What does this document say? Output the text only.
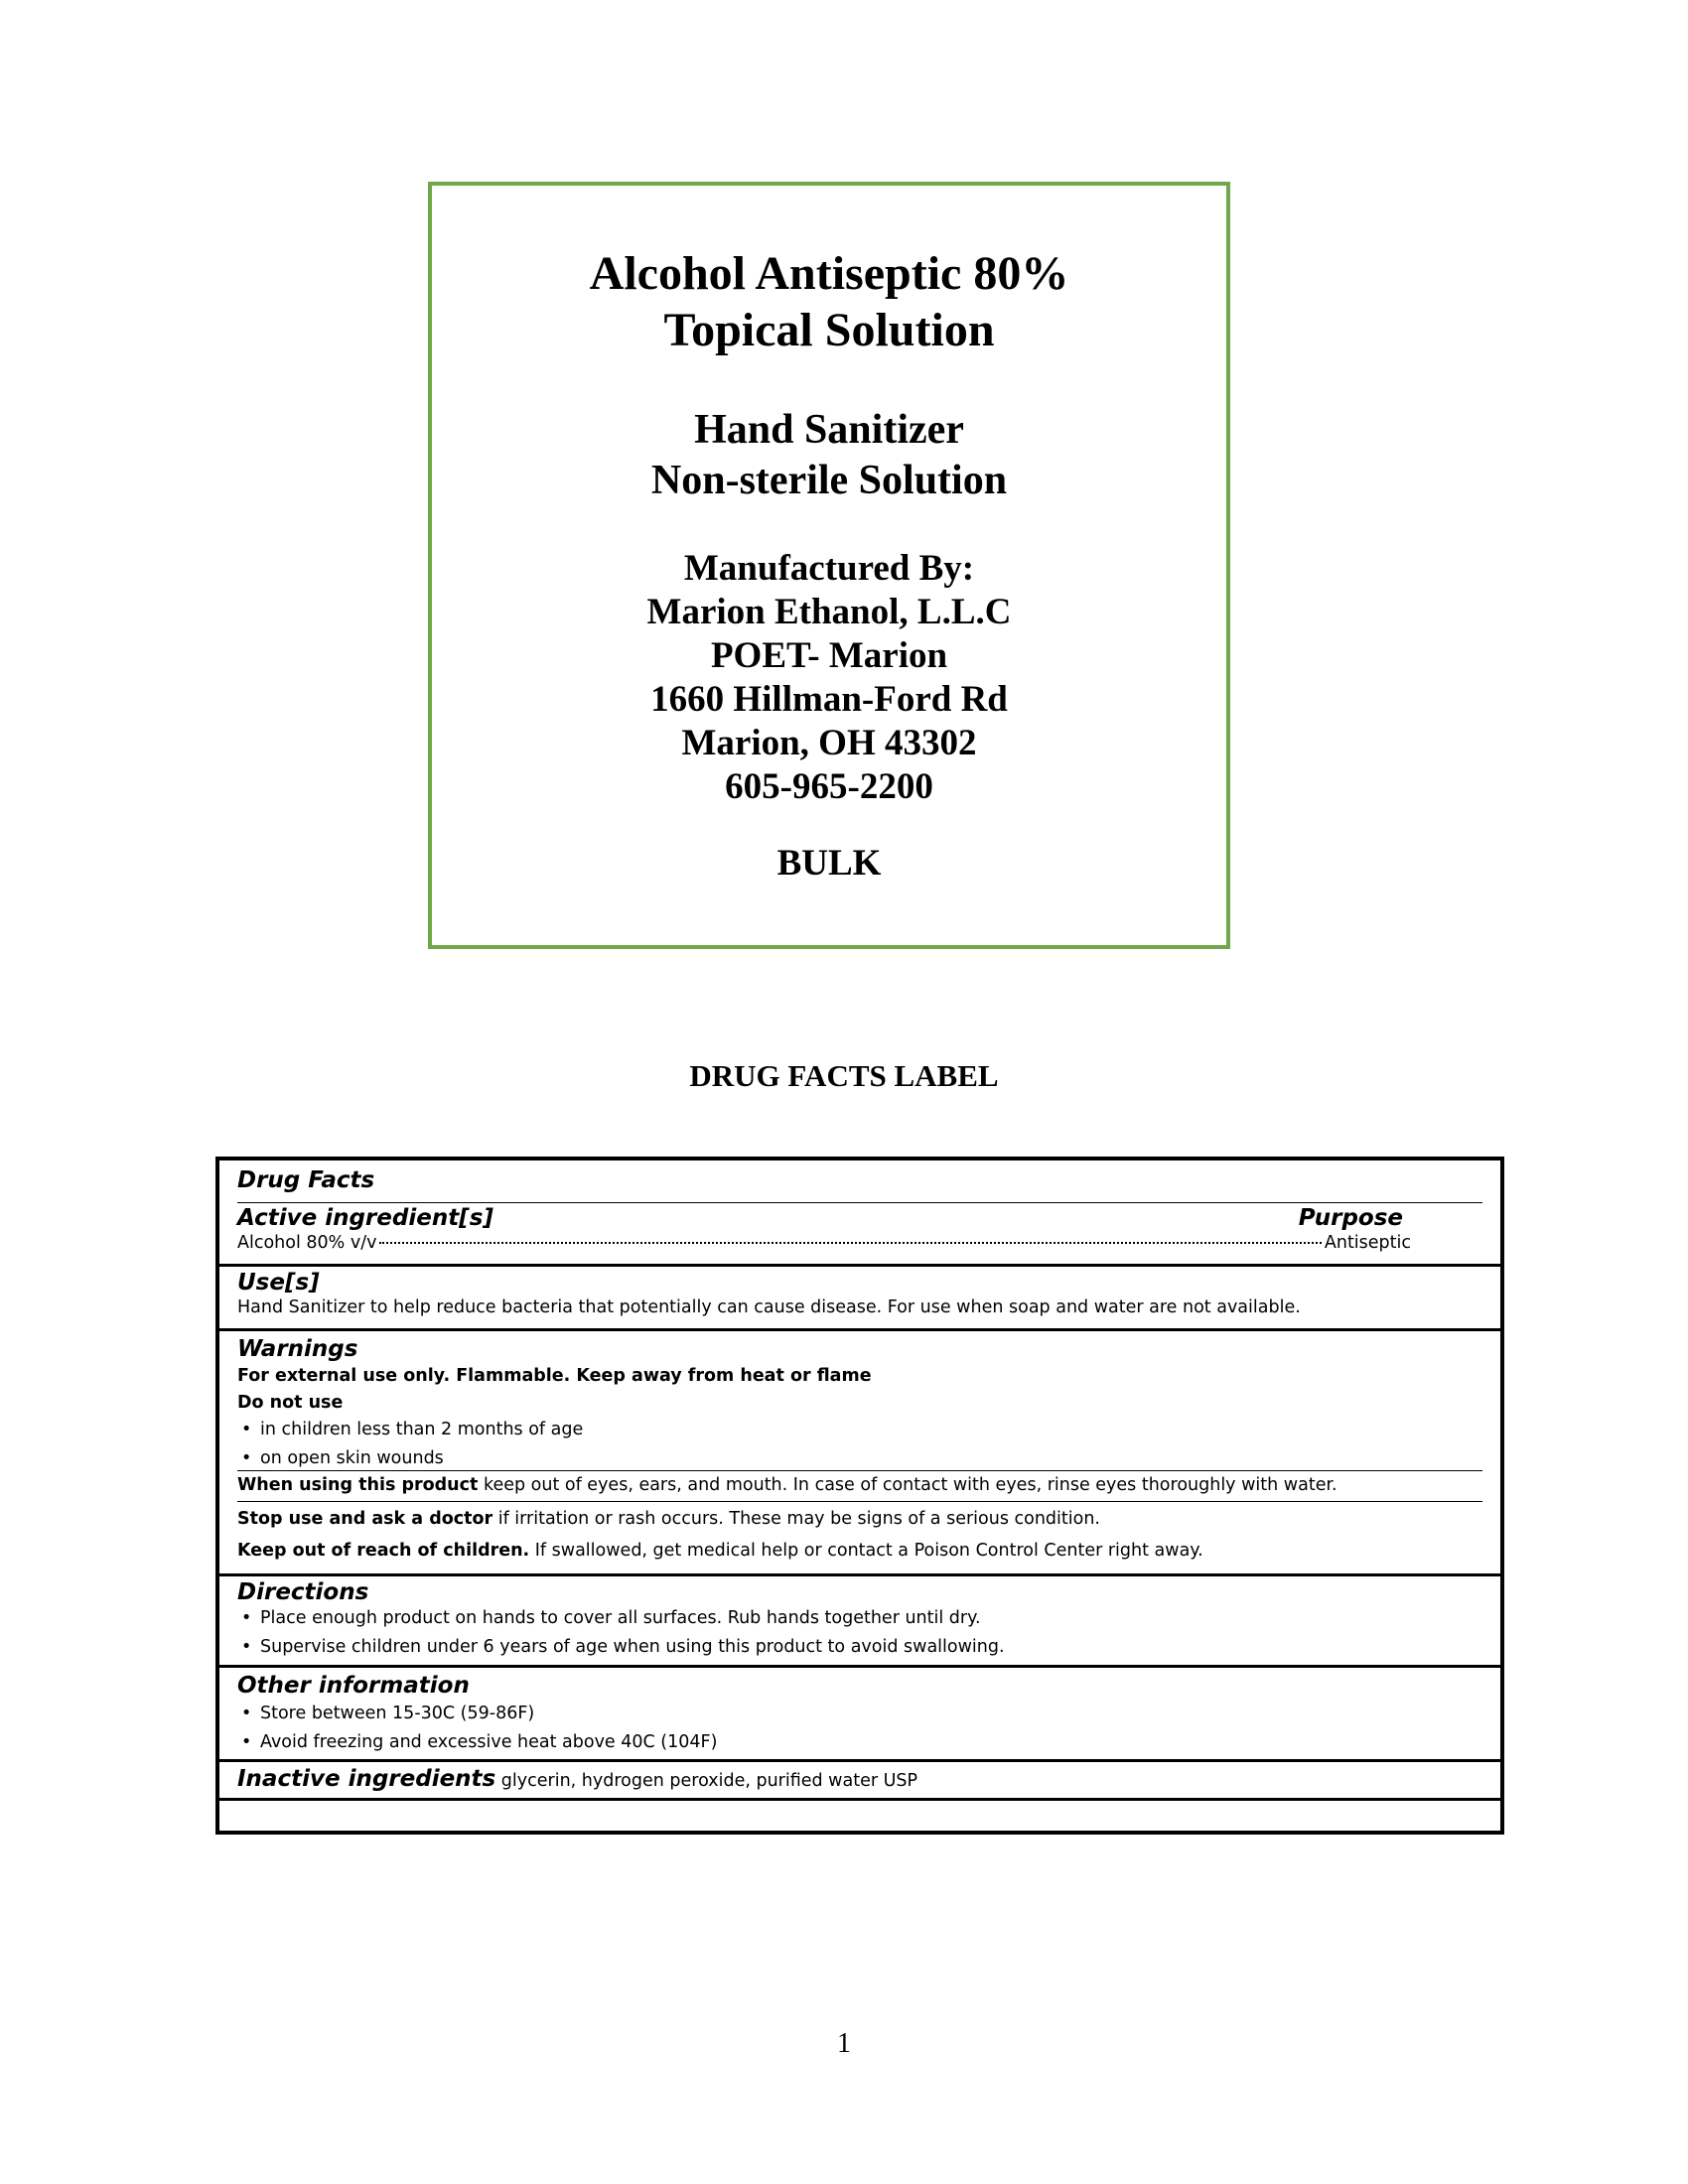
Alcohol Antiseptic 80%
Topical Solution
Hand Sanitizer
Non-sterile Solution
Manufactured By:
Marion Ethanol, L.L.C
POET- Marion
1660 Hillman-Ford Rd
Marion, OH 43302
605-965-2200
BULK
DRUG FACTS LABEL

Drug Facts

Active ingredient[s]	Purpose

Alcohol 80% v/v	Antiseptic

Use[s]

Hand Sanitizer to help reduce bacteria that potentially can cause disease. For use when soap and water are not available.

Warnings

For external use only. Flammable. Keep away from heat or flame

Do not use

• in children less than 2 months of age

• on open skin wounds

When using this product keep out of eyes, ears, and mouth. In case of contact with eyes, rinse eyes thoroughly with water.

Stop use and ask a doctor if irritation or rash occurs. These may be signs of a serious condition.

Keep out of reach of children. If swallowed, get medical help or contact a Poison Control Center right away.

Directions

• Place enough product on hands to cover all surfaces. Rub hands together until dry.

• Supervise children under 6 years of age when using this product to avoid swallowing.

Other information

• Store between 15-30C (59-86F)

• Avoid freezing and excessive heat above 40C (104F)

Inactive ingredients glycerin, hydrogen peroxide, purified water USP

1
